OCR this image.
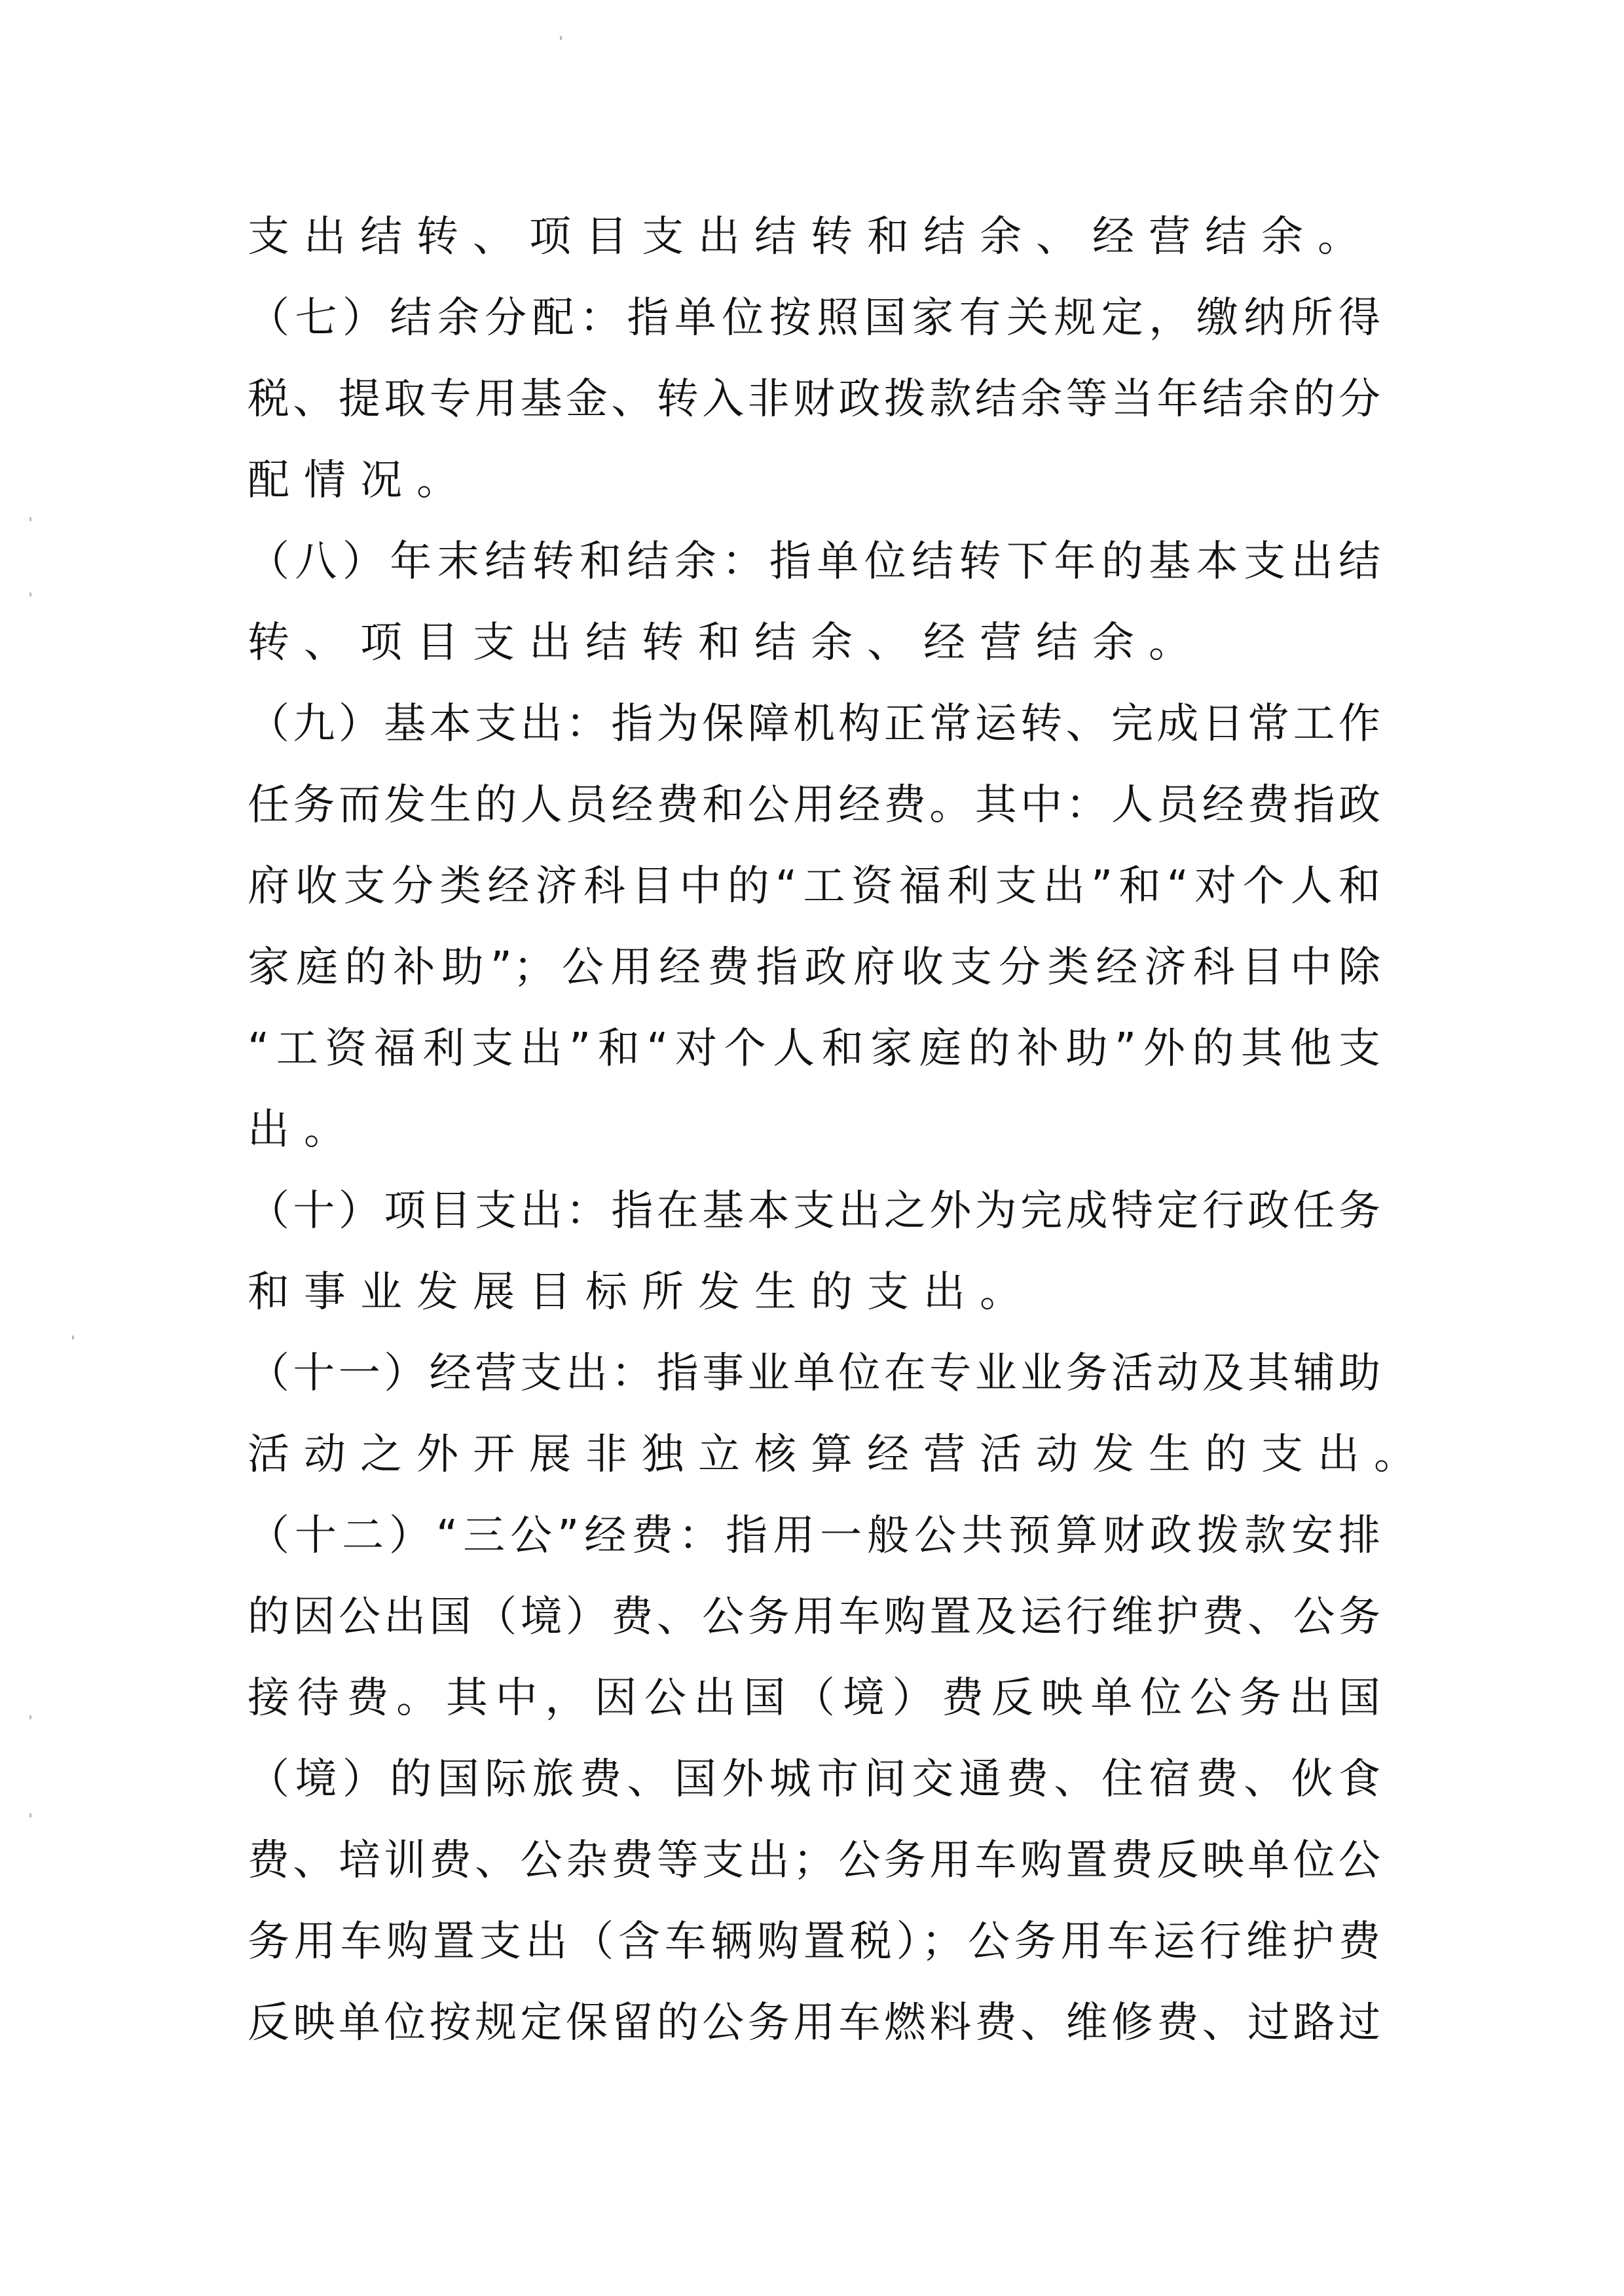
支出结转、项目支出结转和结余、经营结余。
（七）结余分配：指单位按照国家有关规定，缴纳所得
税、提取专用基金、转入非财政拨款结余等当年结余的分
配情况。
（八）年末结转和结余：指单位结转下年的基本支出结
转、项目支出结转和结余、经营结余。
（九）基本支出：指为保障机构正常运转、完成日常工作
任务而发生的人员经费和公用经费。其中：人员经费指政
府收支分类经济科目中的“工资福利支出”和“对个人和
家庭的补助”；公用经费指政府收支分类经济科目中除
“工资福利支出”和“对个人和家庭的补助”外的其他支
出。
（十）项目支出：指在基本支出之外为完成特定行政任务
和事业发展目标所发生的支出。
（十一）经营支出：指事业单位在专业业务活动及其辅助
活动之外开展非独立核算经营活动发生的支出。
（十二）“三公”经费：指用一般公共预算财政拨款安排
的因公出国（境）费、公务用车购置及运行维护费、公务
接待费。其中，因公出国（境）费反映单位公务出国
（境）的国际旅费、国外城市间交通费、住宿费、伙食
费、培训费、公杂费等支出；公务用车购置费反映单位公
务用车购置支出（含车辆购置税）；公务用车运行维护费
反映单位按规定保留的公务用车燃料费、维修费、过路过
